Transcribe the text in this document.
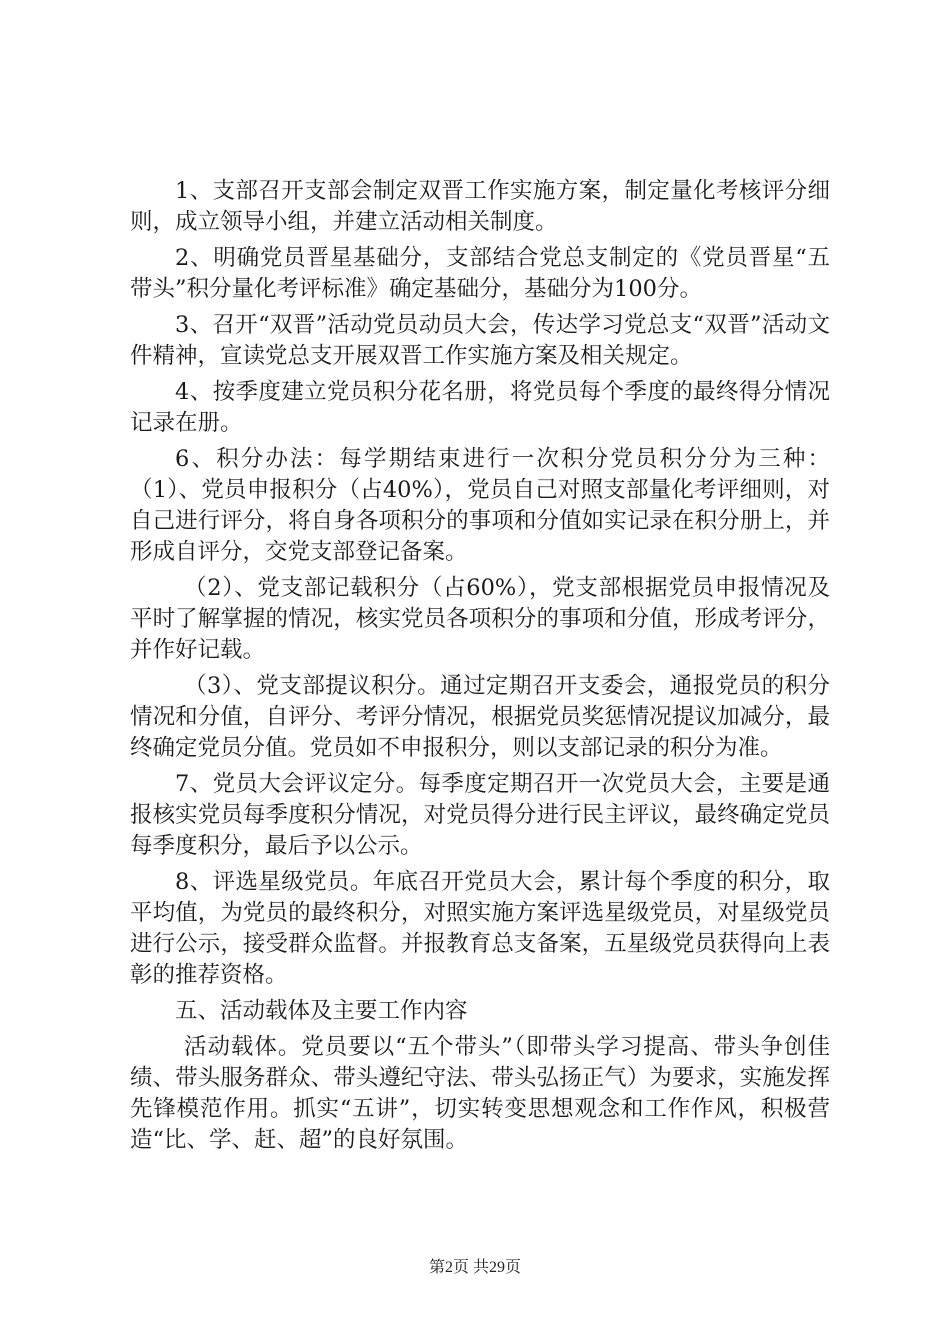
1、支部召开支部会制定双晋工作实施方案，制定量化考核评分细则，成立领导小组，并建立活动相关制度。

2、明确党员晋星基础分，支部结合党总支制定的《党员晋星“五带头”积分量化考评标准》确定基础分，基础分为100分。

3、召开“双晋”活动党员动员大会，传达学习党总支“双晋”活动文件精神，宣读党总支开展双晋工作实施方案及相关规定。

4、按季度建立党员积分花名册，将党员每个季度的最终得分情况记录在册。

6、积分办法：每学期结束进行一次积分党员积分分为三种：（1）、党员申报积分（占40%），党员自己对照支部量化考评细则，对自己进行评分，将自身各项积分的事项和分值如实记录在积分册上，并形成自评分，交党支部登记备案。

（2）、党支部记载积分（占60%），党支部根据党员申报情况及平时了解掌握的情况，核实党员各项积分的事项和分值，形成考评分，并作好记载。

（3）、党支部提议积分。通过定期召开支委会，通报党员的积分情况和分值，自评分、考评分情况，根据党员奖惩情况提议加减分，最终确定党员分值。党员如不申报积分，则以支部记录的积分为准。

7、党员大会评议定分。每季度定期召开一次党员大会，主要是通报核实党员每季度积分情况，对党员得分进行民主评议，最终确定党员每季度积分，最后予以公示。

8、评选星级党员。年底召开党员大会，累计每个季度的积分，取平均值，为党员的最终积分，对照实施方案评选星级党员，对星级党员进行公示，接受群众监督。并报教育总支备案，五星级党员获得向上表彰的推荐资格。

五、活动载体及主要工作内容

活动载体。党员要以“五个带头”（即带头学习提高、带头争创佳绩、带头服务群众、带头遵纪守法、带头弘扬正气）为要求，实施发挥先锋模范作用。抓实“五讲”，切实转变思想观念和工作作风，积极营造“比、学、赶、超”的良好氛围。

第2页 共29页
